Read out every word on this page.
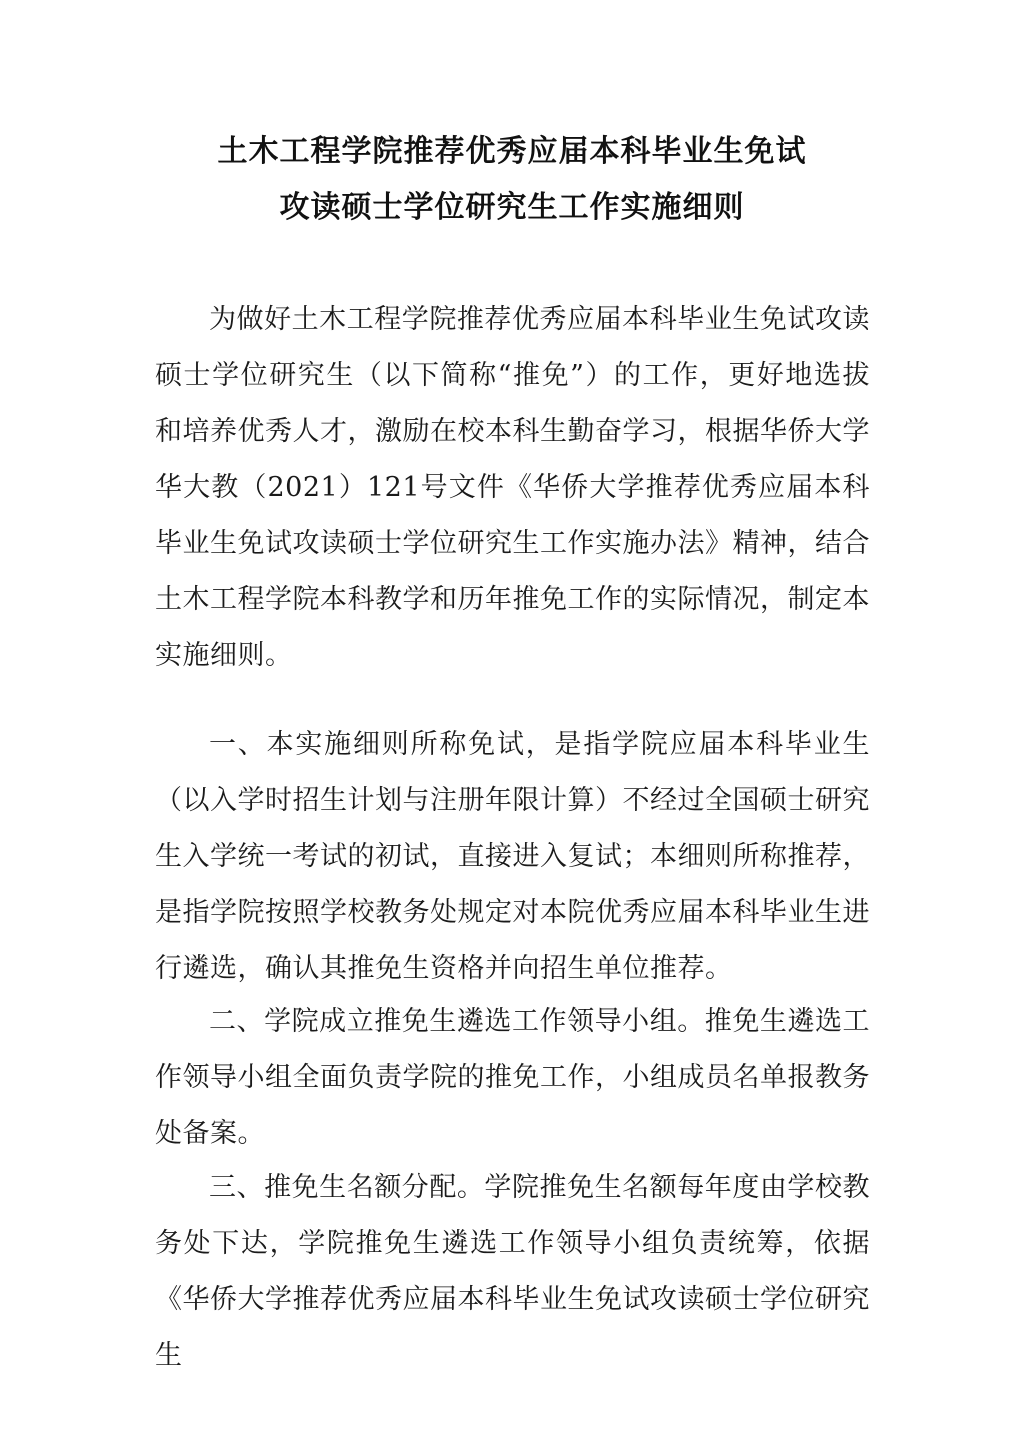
土木工程学院推荐优秀应届本科毕业生免试
攻读硕士学位研究生工作实施细则

为做好土木工程学院推荐优秀应届本科毕业生免试攻读硕士学位研究生（以下简称“推免”）的工作，更好地选拔和培养优秀人才，激励在校本科生勤奋学习，根据华侨大学华大教（2021）121号文件《华侨大学推荐优秀应届本科毕业生免试攻读硕士学位研究生工作实施办法》精神，结合土木工程学院本科教学和历年推免工作的实际情况，制定本实施细则。

一、本实施细则所称免试，是指学院应届本科毕业生（以入学时招生计划与注册年限计算）不经过全国硕士研究生入学统一考试的初试，直接进入复试；本细则所称推荐，是指学院按照学校教务处规定对本院优秀应届本科毕业生进行遴选，确认其推免生资格并向招生单位推荐。

二、学院成立推免生遴选工作领导小组。推免生遴选工作领导小组全面负责学院的推免工作，小组成员名单报教务处备案。

三、推免生名额分配。学院推免生名额每年度由学校教务处下达，学院推免生遴选工作领导小组负责统筹，依据《华侨大学推荐优秀应届本科毕业生免试攻读硕士学位研究生
